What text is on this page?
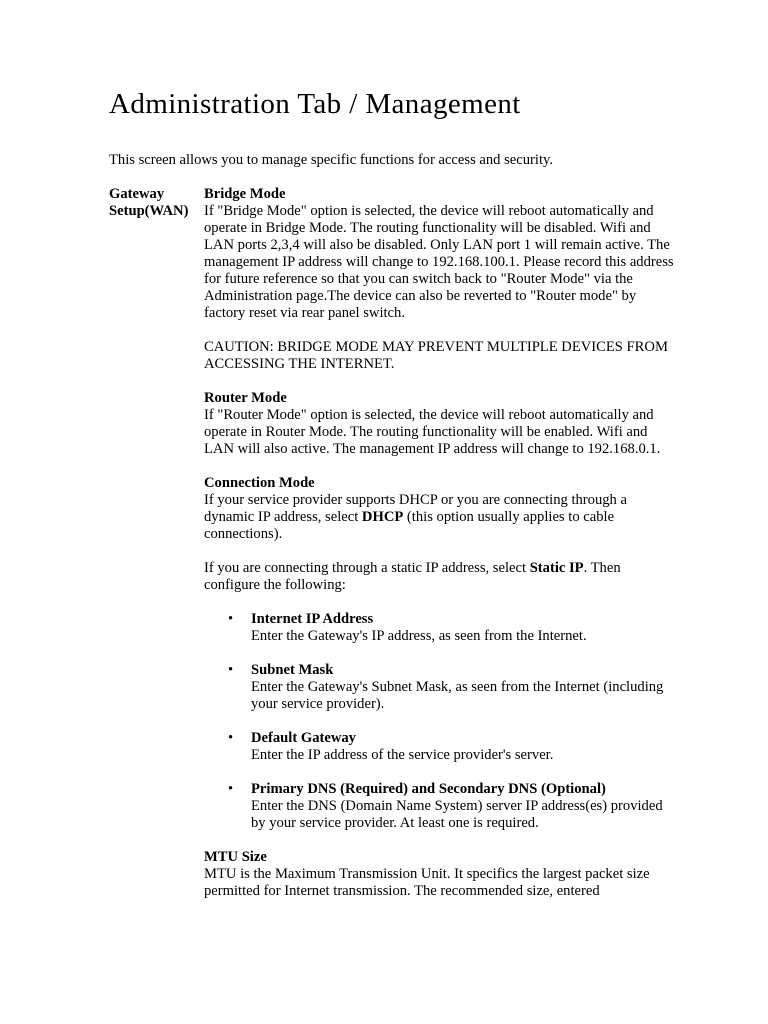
Administration Tab / Management

This screen allows you to manage specific functions for access and security.

Gateway
Setup(WAN)

Bridge Mode
If "Bridge Mode" option is selected, the device will reboot automatically and operate in Bridge Mode. The routing functionality will be disabled. Wifi and LAN ports 2,3,4 will also be disabled. Only LAN port 1 will remain active. The management IP address will change to 192.168.100.1. Please record this address for future reference so that you can switch back to "Router Mode" via the Administration page.The device can also be reverted to "Router mode" by factory reset via rear panel switch.

CAUTION: BRIDGE MODE MAY PREVENT MULTIPLE DEVICES FROM ACCESSING THE INTERNET.

Router Mode
If "Router Mode" option is selected, the device will reboot automatically and operate in Router Mode. The routing functionality will be enabled. Wifi and LAN will also active. The management IP address will change to 192.168.0.1.

Connection Mode
If your service provider supports DHCP or you are connecting through a dynamic IP address, select DHCP (this option usually applies to cable connections).

If you are connecting through a static IP address, select Static IP. Then configure the following:

• Internet IP Address
Enter the Gateway's IP address, as seen from the Internet.
• Subnet Mask
Enter the Gateway's Subnet Mask, as seen from the Internet (including your service provider).
• Default Gateway
Enter the IP address of the service provider's server.
• Primary DNS (Required) and Secondary DNS (Optional)
Enter the DNS (Domain Name System) server IP address(es) provided by your service provider. At least one is required.

MTU Size
MTU is the Maximum Transmission Unit. It specifics the largest packet size permitted for Internet transmission. The recommended size, entered
